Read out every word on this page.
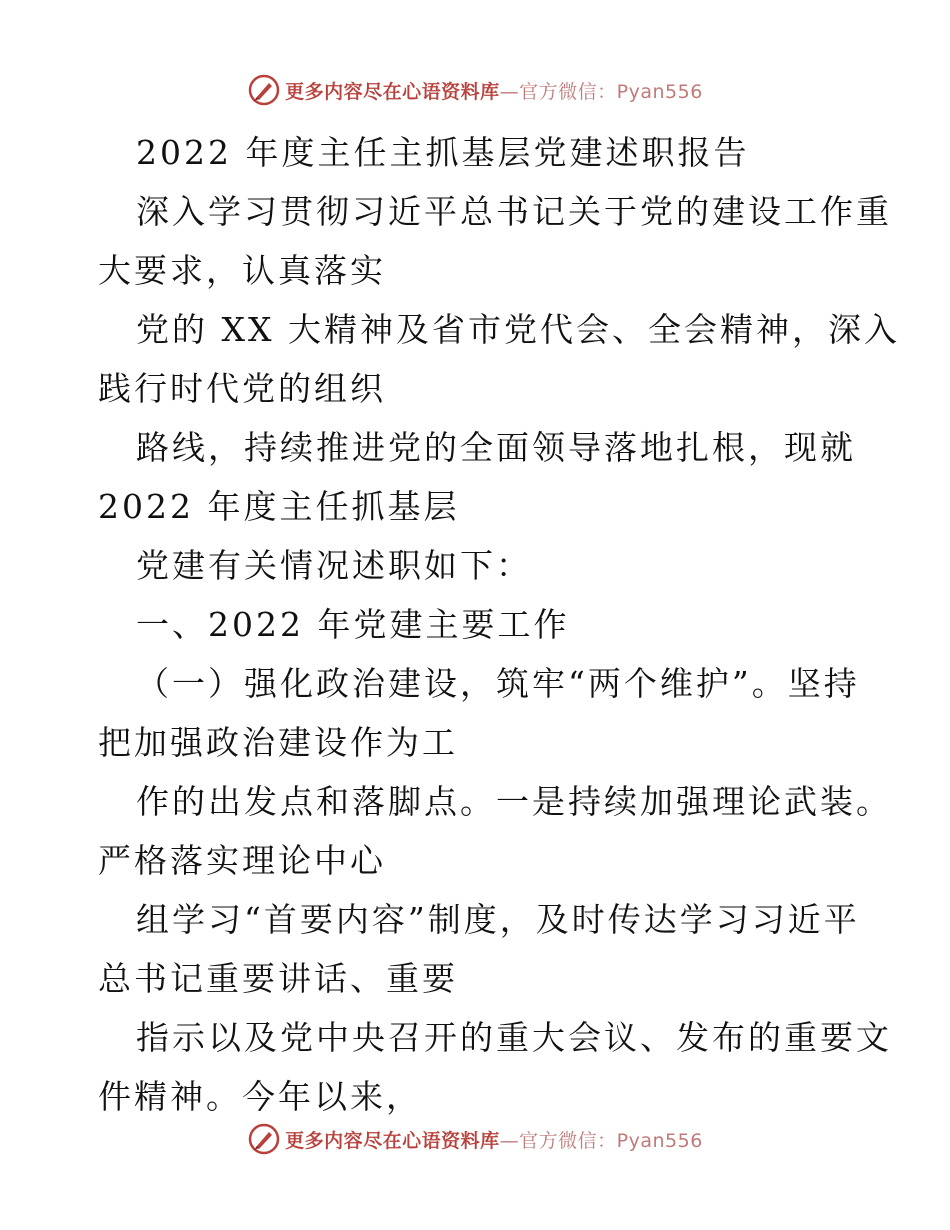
更多内容尽在心语资料库—官方微信：Pyan556
2022 年度主任主抓基层党建述职报告
深入学习贯彻习近平总书记关于党的建设工作重
大要求，认真落实
党的 XX 大精神及省市党代会、全会精神，深入
践行时代党的组织
路线，持续推进党的全面领导落地扎根，现就
2022 年度主任抓基层
党建有关情况述职如下：
一、2022 年党建主要工作
（一）强化政治建设，筑牢“两个维护”。坚持
把加强政治建设作为工
作的出发点和落脚点。一是持续加强理论武装。
严格落实理论中心
组学习“首要内容”制度，及时传达学习习近平
总书记重要讲话、重要
指示以及党中央召开的重大会议、发布的重要文
件精神。今年以来，
更多内容尽在心语资料库—官方微信：Pyan556
